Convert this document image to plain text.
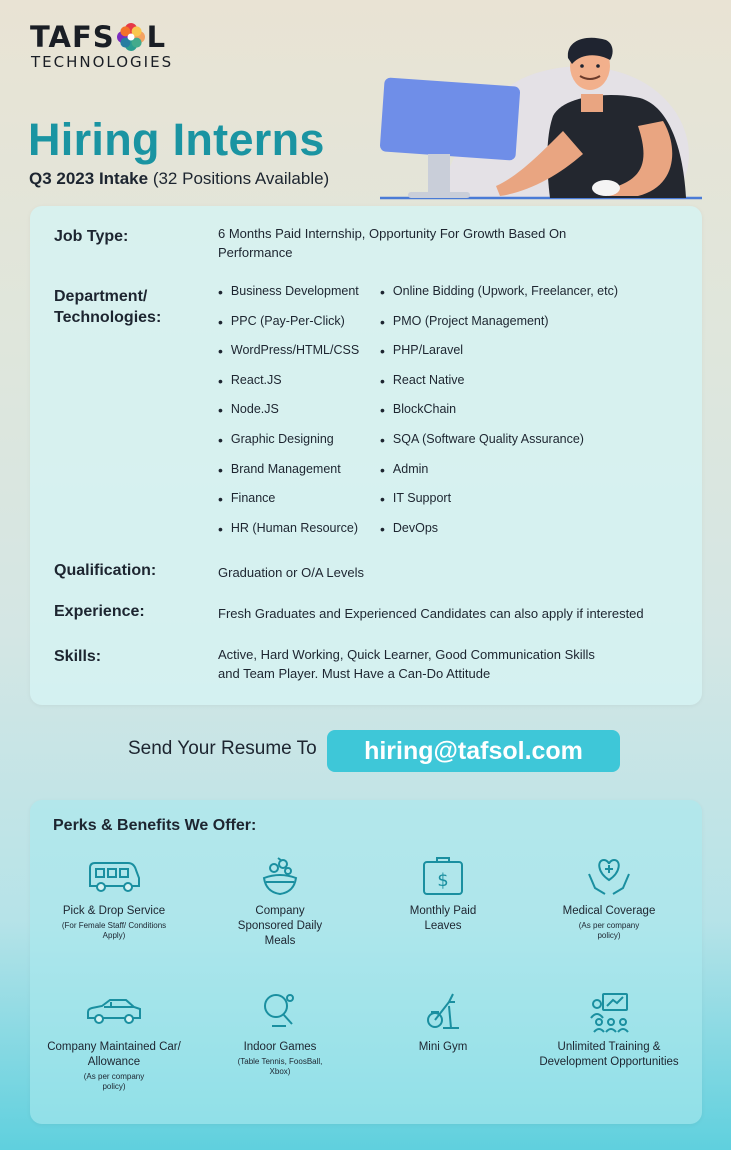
TAFS L
TECHNOLOGIES
Hiring Interns
Q3 2023 Intake (32 Positions Available)
Job Type:	6 Months Paid Internship, Opportunity For Growth Based On Performance
Department/
Technologies:
• Business Development
• PPC (Pay-Per-Click)
• WordPress/HTML/CSS
• React.JS
• Node.JS
• Graphic Designing
• Brand Management
• Finance
• HR (Human Resource)
• Online Bidding (Upwork, Freelancer, etc)
• PMO (Project Management)
• PHP/Laravel
• React Native
• BlockChain
• SQA (Software Quality Assurance)
• Admin
• IT Support
• DevOps
Qualification:	Graduation or O/A Levels
Experience:	Fresh Graduates and Experienced Candidates can also apply if interested
Skills:	Active, Hard Working, Quick Learner, Good Communication Skills and Team Player. Must Have a Can-Do Attitude
Send Your Resume To	hiring@tafsol.com
Perks & Benefits We Offer:
Pick & Drop Service
(For Female Staff/ Conditions Apply)
Company Sponsored Daily Meals
$
Monthly Paid Leaves
Medical Coverage
(As per company policy)
Company Maintained Car/ Allowance
(As per company policy)
Indoor Games
(Table Tennis, FoosBall, Xbox)
Mini Gym	Unlimited Training & Development Opportunities
